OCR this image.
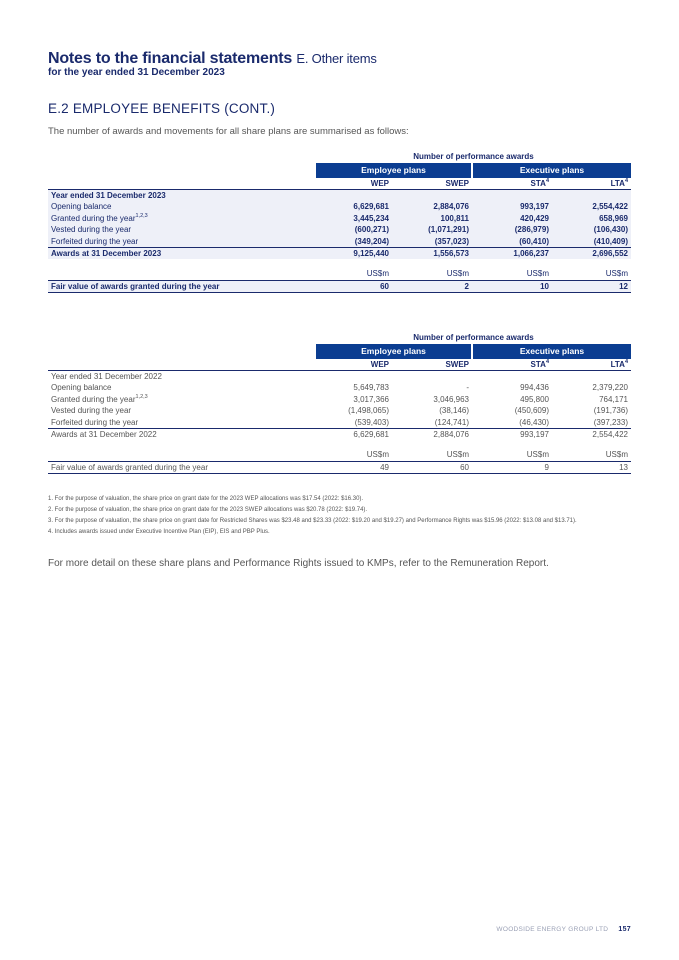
Notes to the financial statements E. Other items
for the year ended 31 December 2023
E.2 EMPLOYEE BENEFITS (CONT.)
The number of awards and movements for all share plans are summarised as follows:
	Number of performance awards			
	Employee plans		Executive plans	
	WEP	SWEP	STA$^4$	LTA$^4$
Year ended 31 December 2023				
Opening balance	6,629,681	2,884,076	993,197	2,554,422
Granted during the year$^{1,2,3}$	3,445,234	100,811	420,429	658,969
Vested during the year	(600,271)	(1,071,291)	(286,979)	(106,430)
Forfeited during the year	(349,204)	(357,023)	(60,410)	(410,409)
Awards at 31 December 2023	9,125,440	1,556,573	1,066,237	2,696,552
	US$m	US$m	US$m	US$m
Fair value of awards granted during the year	60	2	10	12
	Number of performance awards			
	Employee plans		Executive plans	
	WEP	SWEP	STA$^4$	LTA$^4$
Year ended 31 December 2022				
Opening balance	5,649,783	-	994,436	2,379,220
Granted during the year$^{1,2,3}$	3,017,366	3,046,963	495,800	764,171
Vested during the year	(1,498,065)	(38,146)	(450,609)	(191,736)
Forfeited during the year	(539,403)	(124,741)	(46,430)	(397,233)
Awards at 31 December 2022	6,629,681	2,884,076	993,197	2,554,422
	US$m	US$m	US$m	US$m
Fair value of awards granted during the year	49	60	9	13
1. For the purpose of valuation, the share price on grant date for the 2023 WEP allocations was $17.54 (2022: $16.30).
2. For the purpose of valuation, the share price on grant date for the 2023 SWEP allocations was $20.78 (2022: $19.74).
3. For the purpose of valuation, the share price on grant date for Restricted Shares was $23.48 and $23.33 (2022: $19.20 and $19.27) and Performance Rights was $15.96 (2022: $13.08 and $13.71).
4. Includes awards issued under Executive Incentive Plan (EIP), EIS and PBP Plus.
For more detail on these share plans and Performance Rights issued to KMPs, refer to the Remuneration Report.
WOODSIDE ENERGY GROUP LTD 157
